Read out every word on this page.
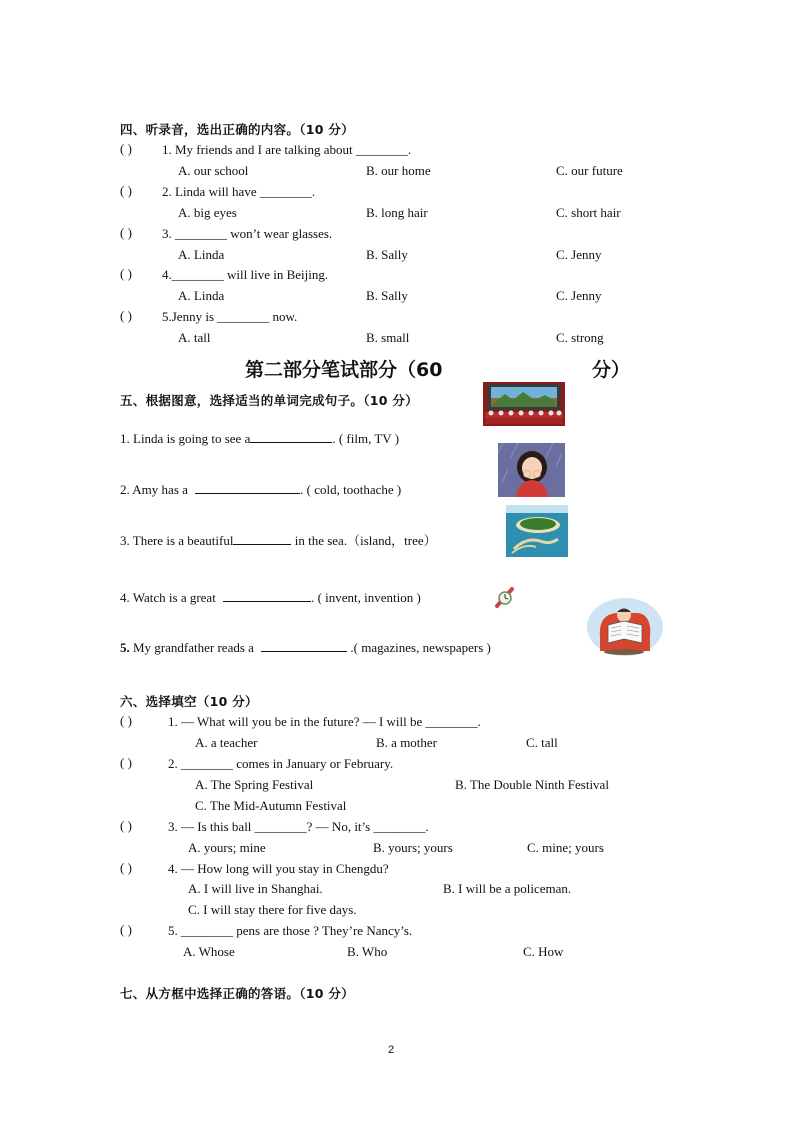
四、听录音，选出正确的内容。（10 分）
( ) 1. My friends and I are talking about ________.
A. our school	B. our home	C. our future
( ) 2. Linda will have ________.
A. big eyes	B. long hair	C. short hair
( ) 3. ________ won’t wear glasses.
A. Linda	B. Sally	C. Jenny
( ) 4.________ will live in Beijing.
A. Linda	B. Sally	C. Jenny
( ) 5.Jenny is ________ now.
A. tall	B. small	C. strong
第二部分笔试部分（60	分）
五、根据图意，选择适当的单词完成句子。（10 分）
1. Linda is going to see a	. ( film, TV )
2. Amy has a	. ( cold, toothache )
3. There is a beautiful	in the sea.（island，tree）
4. Watch is a great	. ( invent, invention )
5. My grandfather reads a	.( magazines, newspapers )
六、选择填空（10 分）
( )	1. — What will you be in the future? — I will be ________.
A. a teacher	B. a mother	C. tall
( )	2. ________ comes in January or February.
A. The Spring Festival	B. The Double Ninth Festival
C. The Mid-Autumn Festival
( )	3. — Is this ball ________? — No, it’s ________.
A. yours; mine	B. yours; yours	C. mine; yours
( )	4. — How long will you stay in Chengdu?
A. I will live in Shanghai.	B. I will be a policeman.
C. I will stay there for five days.
( )	5. ________ pens are those ? They’re Nancy’s.
A. Whose	B. Who	C. How
七、从方框中选择正确的答语。（10 分）
2
